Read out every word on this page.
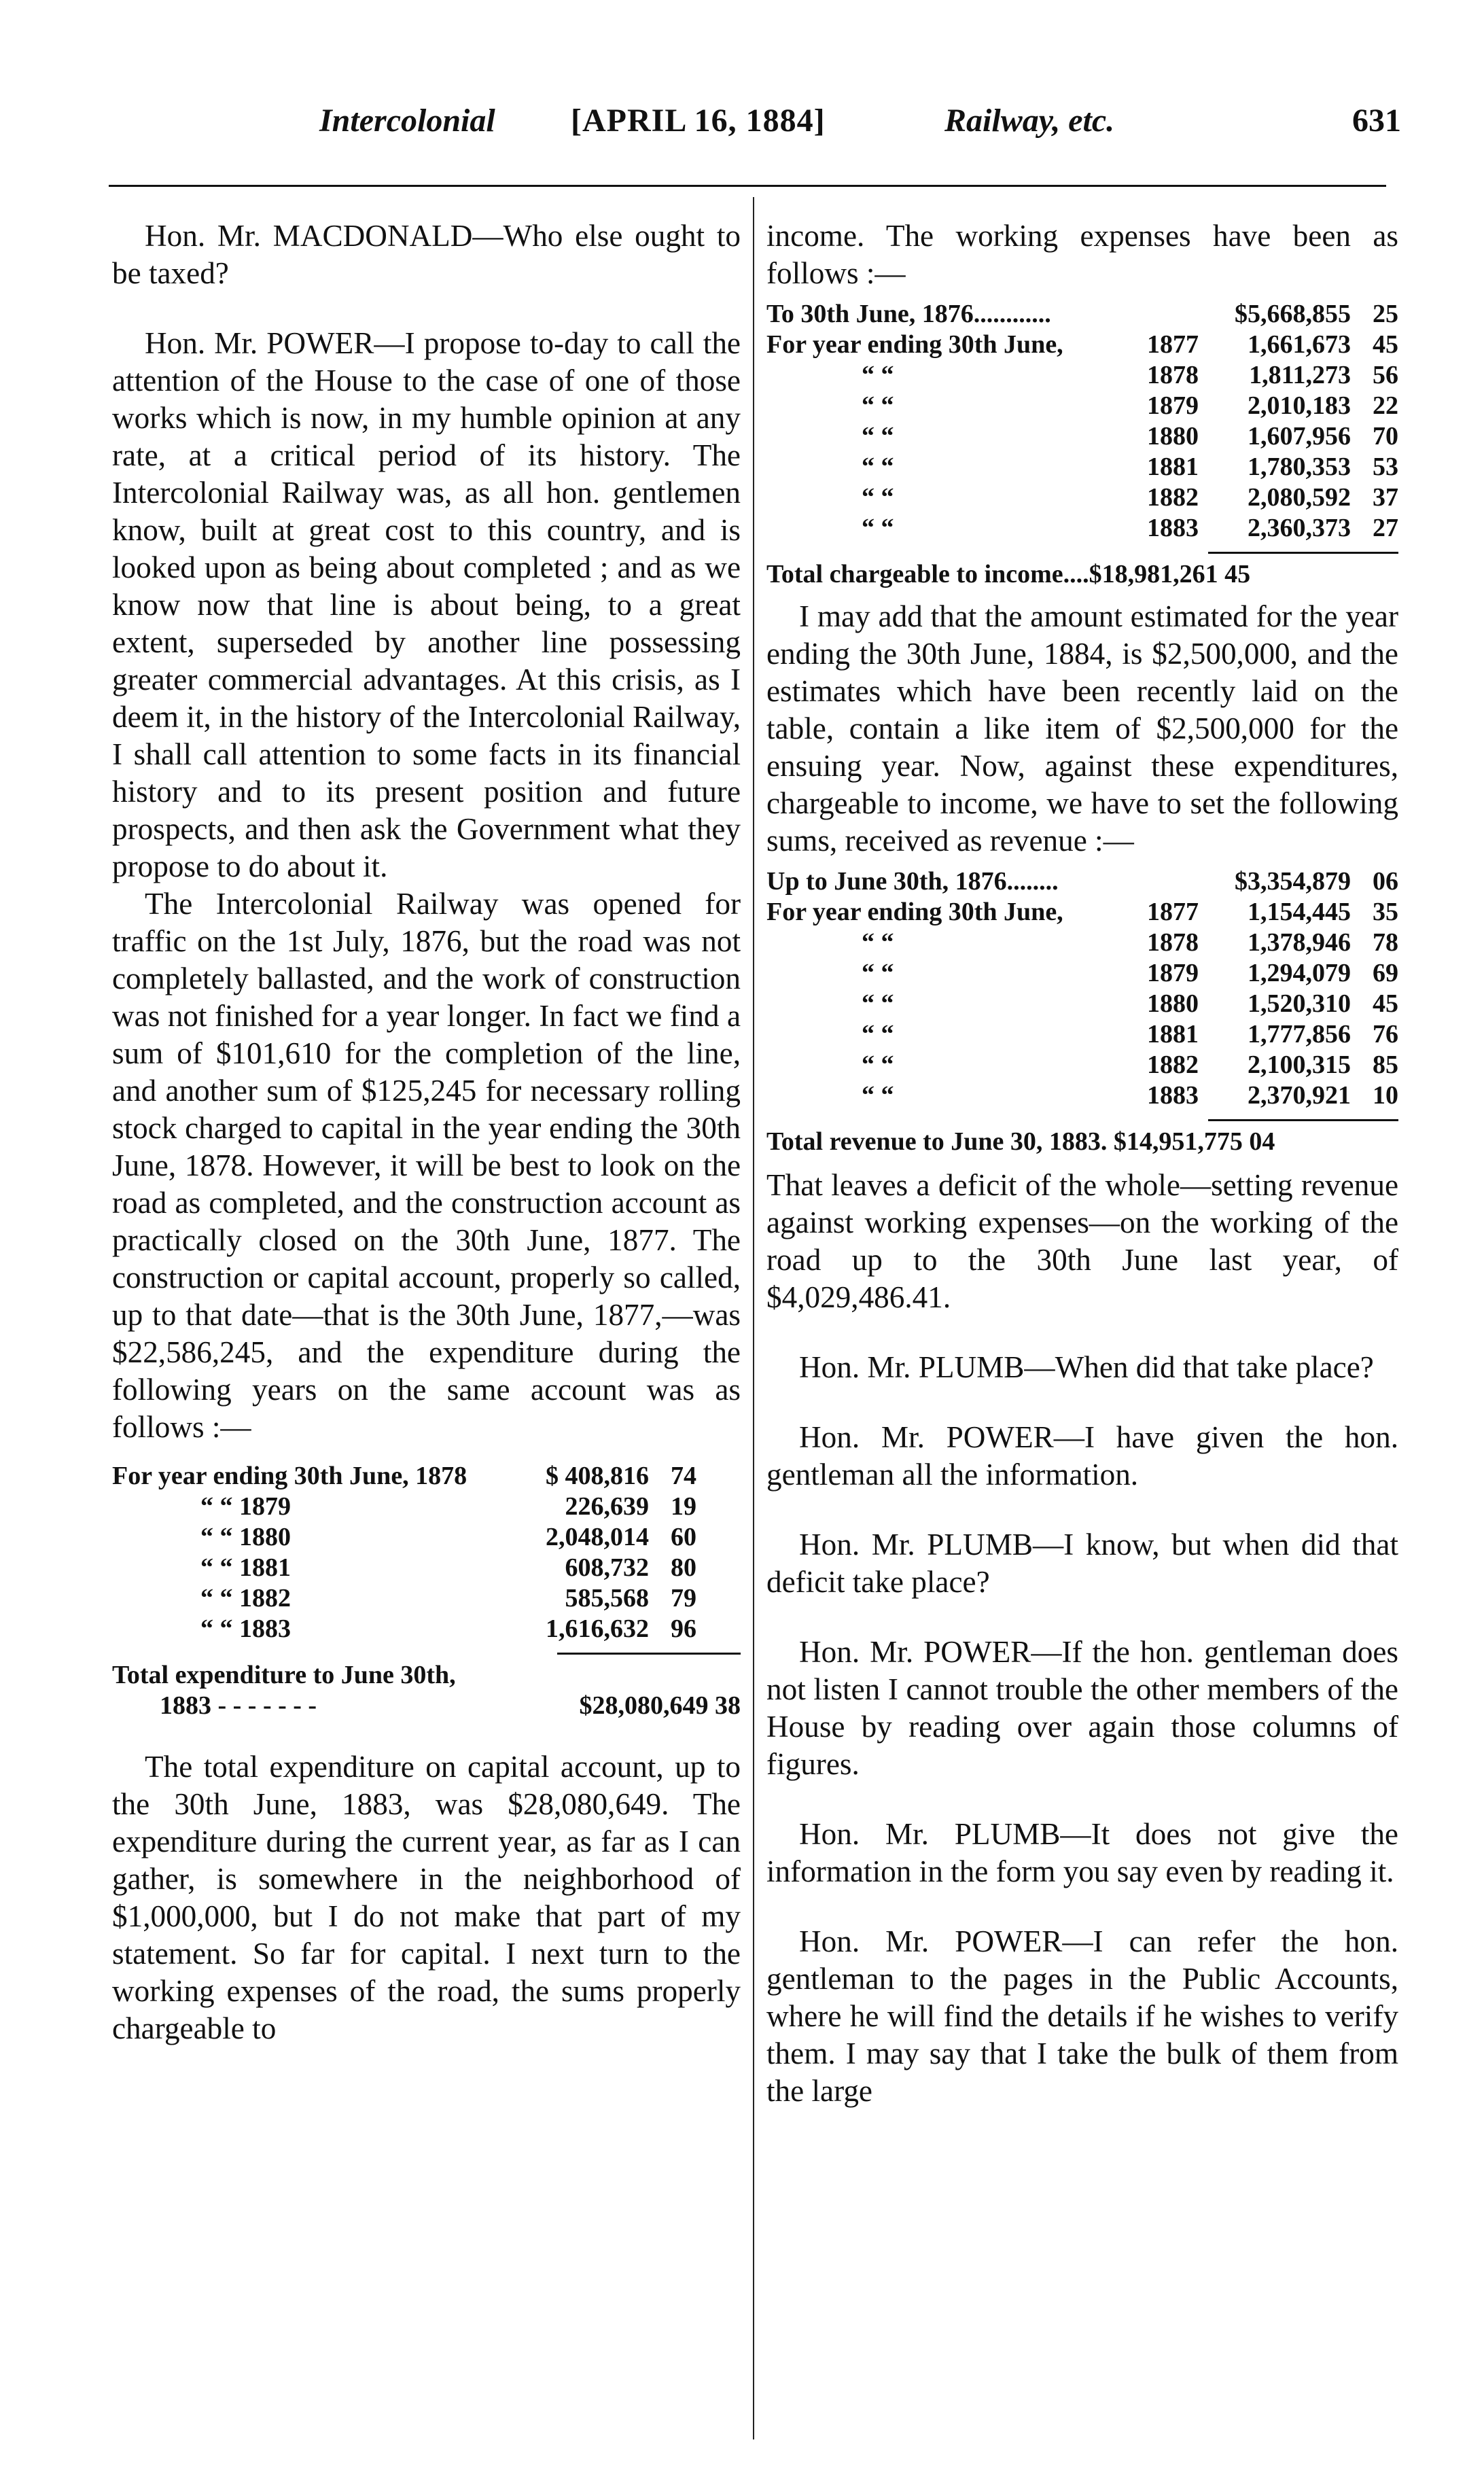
Intercolonial [APRIL 16, 1884]	Railway, etc.	631

Hon. Mr. MACDONALD—Who else ought to be taxed?

Hon. Mr. POWER—I propose to-day to call the attention of the House to the case of one of those works which is now, in my humble opinion at any rate, at a critical period of its history. The Intercolonial Railway was, as all hon. gentlemen know, built at great cost to this country, and is looked upon as being about completed ; and as we know now that line is about being, to a great extent, superseded by another line possessing greater commercial advantages. At this crisis, as I deem it, in the history of the Intercolonial Railway, I shall call attention to some facts in its financial history and to its present position and future prospects, and then ask the Government what they propose to do about it.

The Intercolonial Railway was opened for traffic on the 1st July, 1876, but the road was not completely ballasted, and the work of construction was not finished for a year longer. In fact we find a sum of $101,610 for the completion of the line, and another sum of $125,245 for necessary rolling stock charged to capital in the year ending the 30th June, 1878. However, it will be best to look on the road as completed, and the construction account as practically closed on the 30th June, 1877. The construction or capital account, properly so called, up to that date—that is the 30th June, 1877,—was $22,586,245, and the expenditure during the following years on the same account was as follows :—

For year ending 30th June, 1878	$ 408,816 74
“ “ 1879	226,639 19
“ “ 1880	2,048,014 60
“ “ 1881	608,732 80
“ “ 1882	585,568 79
“ “ 1883	1,616,632 96
Total expenditure to June 30th,
1883 - - - - - - -	$28,080,649 38

The total expenditure on capital account, up to the 30th June, 1883, was $28,080,649. The expenditure during the current year, as far as I can gather, is somewhere in the neighborhood of $1,000,000, but I do not make that part of my statement. So far for capital. I next turn to the working expenses of the road, the sums properly chargeable to

income. The working expenses have been as follows :—

To 30th June, 1876............	$5,668,855 25
For year ending 30th June,	1877	1,661,673 45
“ “	1878	1,811,273 56
“ “	1879	2,010,183 22
“ “	1880	1,607,956 70
“ “	1881	1,780,353 53
“ “	1882	2,080,592 37
“ “	1883	2,360,373 27
Total chargeable to income....$18,981,261 45

I may add that the amount estimated for the year ending the 30th June, 1884, is $2,500,000, and the estimates which have been recently laid on the table, contain a like item of $2,500,000 for the ensuing year. Now, against these expenditures, chargeable to income, we have to set the following sums, received as revenue :—

Up to June 30th, 1876........	$3,354,879 06
For year ending 30th June,	1877	1,154,445 35
“ “	1878	1,378,946 78
“ “	1879	1,294,079 69
“ “	1880	1,520,310 45
“ “	1881	1,777,856 76
“ “	1882	2,100,315 85
“ “	1883	2,370,921 10
Total revenue to June 30, 1883. $14,951,775 04

That leaves a deficit of the whole—setting revenue against working expenses—on the working of the road up to the 30th June last year, of $4,029,486.41.

Hon. Mr. PLUMB—When did that take place?

Hon. Mr. POWER—I have given the hon. gentleman all the information.

Hon. Mr. PLUMB—I know, but when did that deficit take place?

Hon. Mr. POWER—If the hon. gentleman does not listen I cannot trouble the other members of the House by reading over again those columns of figures.

Hon. Mr. PLUMB—It does not give the information in the form you say even by reading it.

Hon. Mr. POWER—I can refer the hon. gentleman to the pages in the Public Accounts, where he will find the details if he wishes to verify them. I may say that I take the bulk of them from the large
